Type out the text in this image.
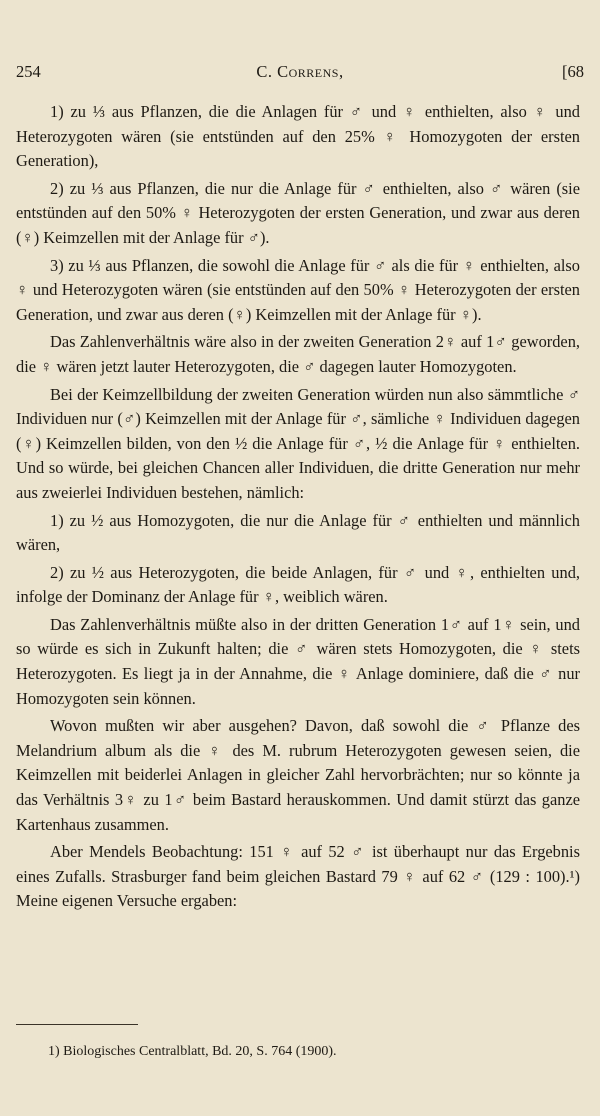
254	C. Correns,	[68

1) zu ⅓ aus Pflanzen, die die Anlagen für ♂ und ♀ enthielten, also ♀ und Heterozygoten wären (sie entstünden auf den 25% ♀ Homozygoten der ersten Generation),

2) zu ⅓ aus Pflanzen, die nur die Anlage für ♂ enthielten, also ♂ wären (sie entstünden auf den 50% ♀ Heterozygoten der ersten Generation, und zwar aus deren (♀) Keimzellen mit der Anlage für ♂).

3) zu ⅓ aus Pflanzen, die sowohl die Anlage für ♂ als die für ♀ enthielten, also ♀ und Heterozygoten wären (sie entstünden auf den 50% ♀ Heterozygoten der ersten Generation, und zwar aus deren (♀) Keimzellen mit der Anlage für ♀).

Das Zahlenverhältnis wäre also in der zweiten Generation 2♀ auf 1♂ geworden, die ♀ wären jetzt lauter Heterozygoten, die ♂ dagegen lauter Homozygoten.

Bei der Keimzellbildung der zweiten Generation würden nun also sämmtliche ♂ Individuen nur (♂) Keimzellen mit der Anlage für ♂, sämliche ♀ Individuen dagegen (♀) Keimzellen bilden, von den ½ die Anlage für ♂, ½ die Anlage für ♀ enthielten. Und so würde, bei gleichen Chancen aller Individuen, die dritte Generation nur mehr aus zweierlei Individuen bestehen, nämlich:

1) zu ½ aus Homozygoten, die nur die Anlage für ♂ enthielten und männlich wären,

2) zu ½ aus Heterozygoten, die beide Anlagen, für ♂ und ♀, enthielten und, infolge der Dominanz der Anlage für ♀, weiblich wären.

Das Zahlenverhältnis müßte also in der dritten Generation 1♂ auf 1♀ sein, und so würde es sich in Zukunft halten; die ♂ wären stets Homozygoten, die ♀ stets Heterozygoten. Es liegt ja in der Annahme, die ♀ Anlage dominiere, daß die ♂ nur Homozygoten sein können.

Wovon mußten wir aber ausgehen? Davon, daß sowohl die ♂ Pflanze des Melandrium album als die ♀ des M. rubrum Heterozygoten gewesen seien, die Keimzellen mit beiderlei Anlagen in gleicher Zahl hervorbrächten; nur so könnte ja das Verhältnis 3♀ zu 1♂ beim Bastard herauskommen. Und damit stürzt das ganze Kartenhaus zusammen.

Aber Mendels Beobachtung: 151 ♀ auf 52 ♂ ist überhaupt nur das Ergebnis eines Zufalls. Strasburger fand beim gleichen Bastard 79 ♀ auf 62 ♂ (129 : 100).¹) Meine eigenen Versuche ergaben:

1) Biologisches Centralblatt, Bd. 20, S. 764 (1900).
